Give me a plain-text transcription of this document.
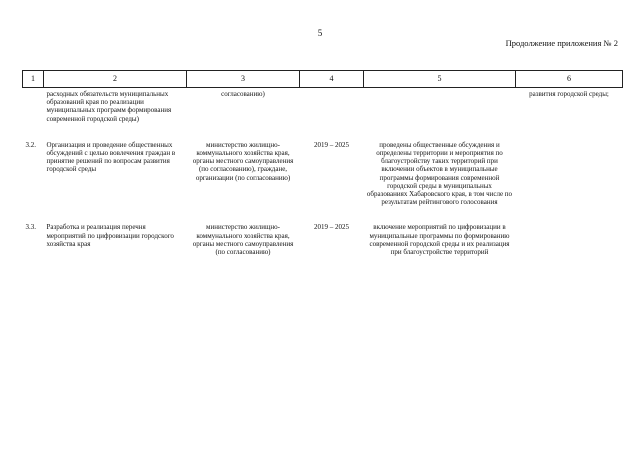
5
Продолжение приложения № 2
1	2	3	4	5	6
	расходных обязательств муниципальных образований края по реализации муниципальных программ формирования современной городской среды)	согласованию)			развития городской среды;
3.2.	Организация и проведение общественных обсуждений с целью вовлечения граждан в принятие решений по вопросам развития городской среды	министерство жилищно-коммунального хозяйства края, органы местного самоуправления (по согласованию), граждане, организации (по согласованию)	2019 – 2025	проведены общественные обсуждения и определены территории и мероприятия по благоустройству таких территорий при включении объектов в муниципальные программы формирования современной городской среды в муниципальных образованиях Хабаровского края, в том числе по результатам рейтингового голосования	
3.3.	Разработка и реализация перечня мероприятий по цифровизации городского хозяйства края	министерство жилищно-коммунального хозяйства края, органы местного самоуправления (по согласованию)	2019 – 2025	включение мероприятий по цифровизации в муниципальные программы по формированию современной городской среды и их реализация при благоустройстве территорий	
